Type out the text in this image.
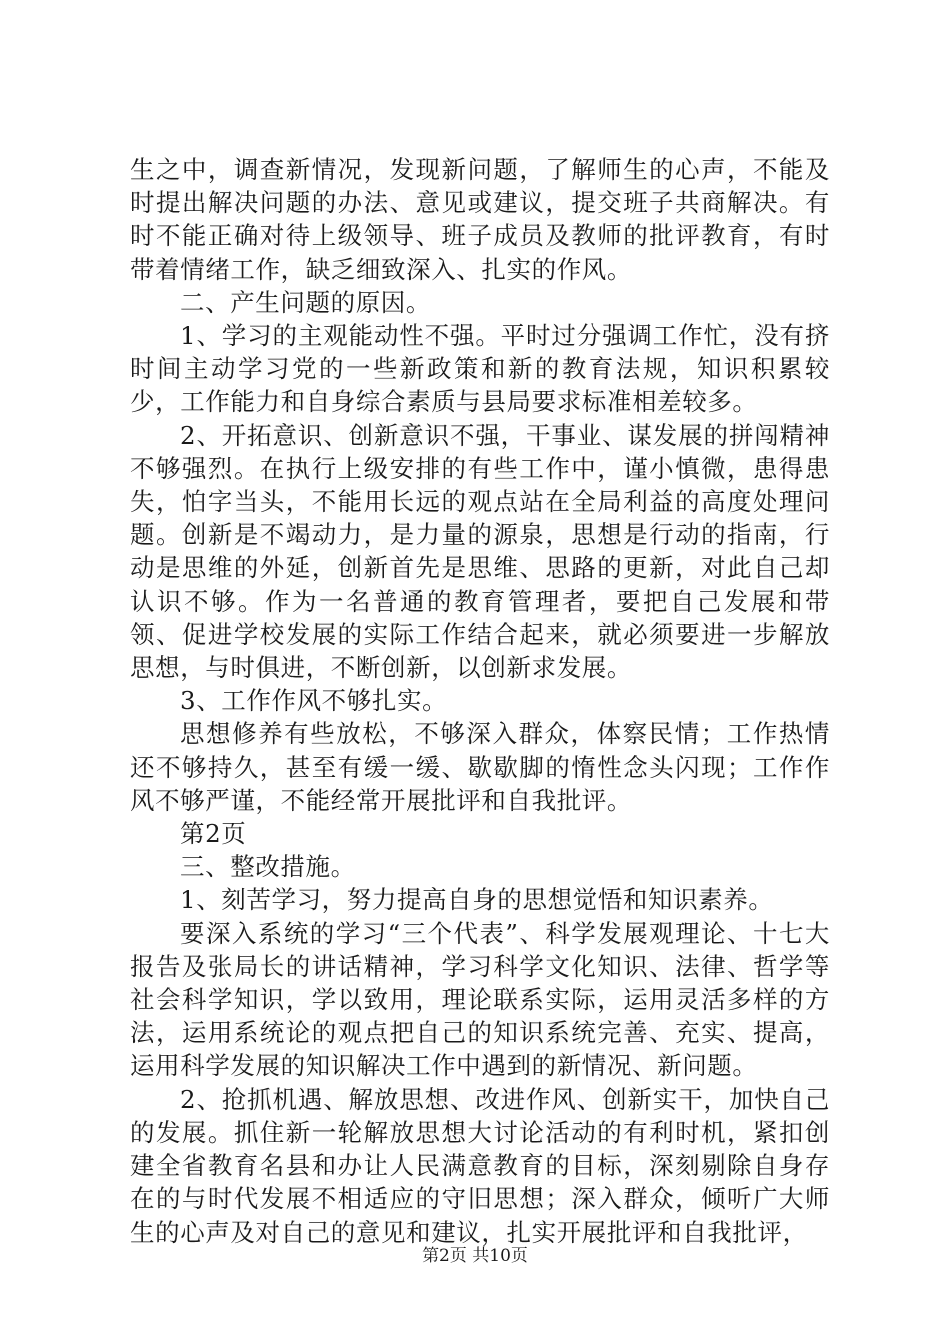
生之中，调查新情况，发现新问题，了解师生的心声，不能及时提出解决问题的办法、意见或建议，提交班子共商解决。有时不能正确对待上级领导、班子成员及教师的批评教育，有时带着情绪工作，缺乏细致深入、扎实的作风。

二、产生问题的原因。

1、学习的主观能动性不强。平时过分强调工作忙，没有挤时间主动学习党的一些新政策和新的教育法规，知识积累较少，工作能力和自身综合素质与县局要求标准相差较多。

2、开拓意识、创新意识不强，干事业、谋发展的拼闯精神不够强烈。在执行上级安排的有些工作中，谨小慎微，患得患失，怕字当头，不能用长远的观点站在全局利益的高度处理问题。创新是不竭动力，是力量的源泉，思想是行动的指南，行动是思维的外延，创新首先是思维、思路的更新，对此自己却认识不够。作为一名普通的教育管理者，要把自己发展和带领、促进学校发展的实际工作结合起来，就必须要进一步解放思想，与时俱进，不断创新，以创新求发展。

3、工作作风不够扎实。

思想修养有些放松，不够深入群众，体察民情；工作热情还不够持久，甚至有缓一缓、歇歇脚的惰性念头闪现；工作作风不够严谨，不能经常开展批评和自我批评。

第2页

三、整改措施。

1、刻苦学习，努力提高自身的思想觉悟和知识素养。

要深入系统的学习“三个代表”、科学发展观理论、十七大报告及张局长的讲话精神，学习科学文化知识、法律、哲学等社会科学知识，学以致用，理论联系实际，运用灵活多样的方法，运用系统论的观点把自己的知识系统完善、充实、提高，运用科学发展的知识解决工作中遇到的新情况、新问题。

2、抢抓机遇、解放思想、改进作风、创新实干，加快自己的发展。抓住新一轮解放思想大讨论活动的有利时机，紧扣创建全省教育名县和办让人民满意教育的目标，深刻剔除自身存在的与时代发展不相适应的守旧思想；深入群众，倾听广大师生的心声及对自己的意见和建议，扎实开展批评和自我批评，

第2页 共10页
